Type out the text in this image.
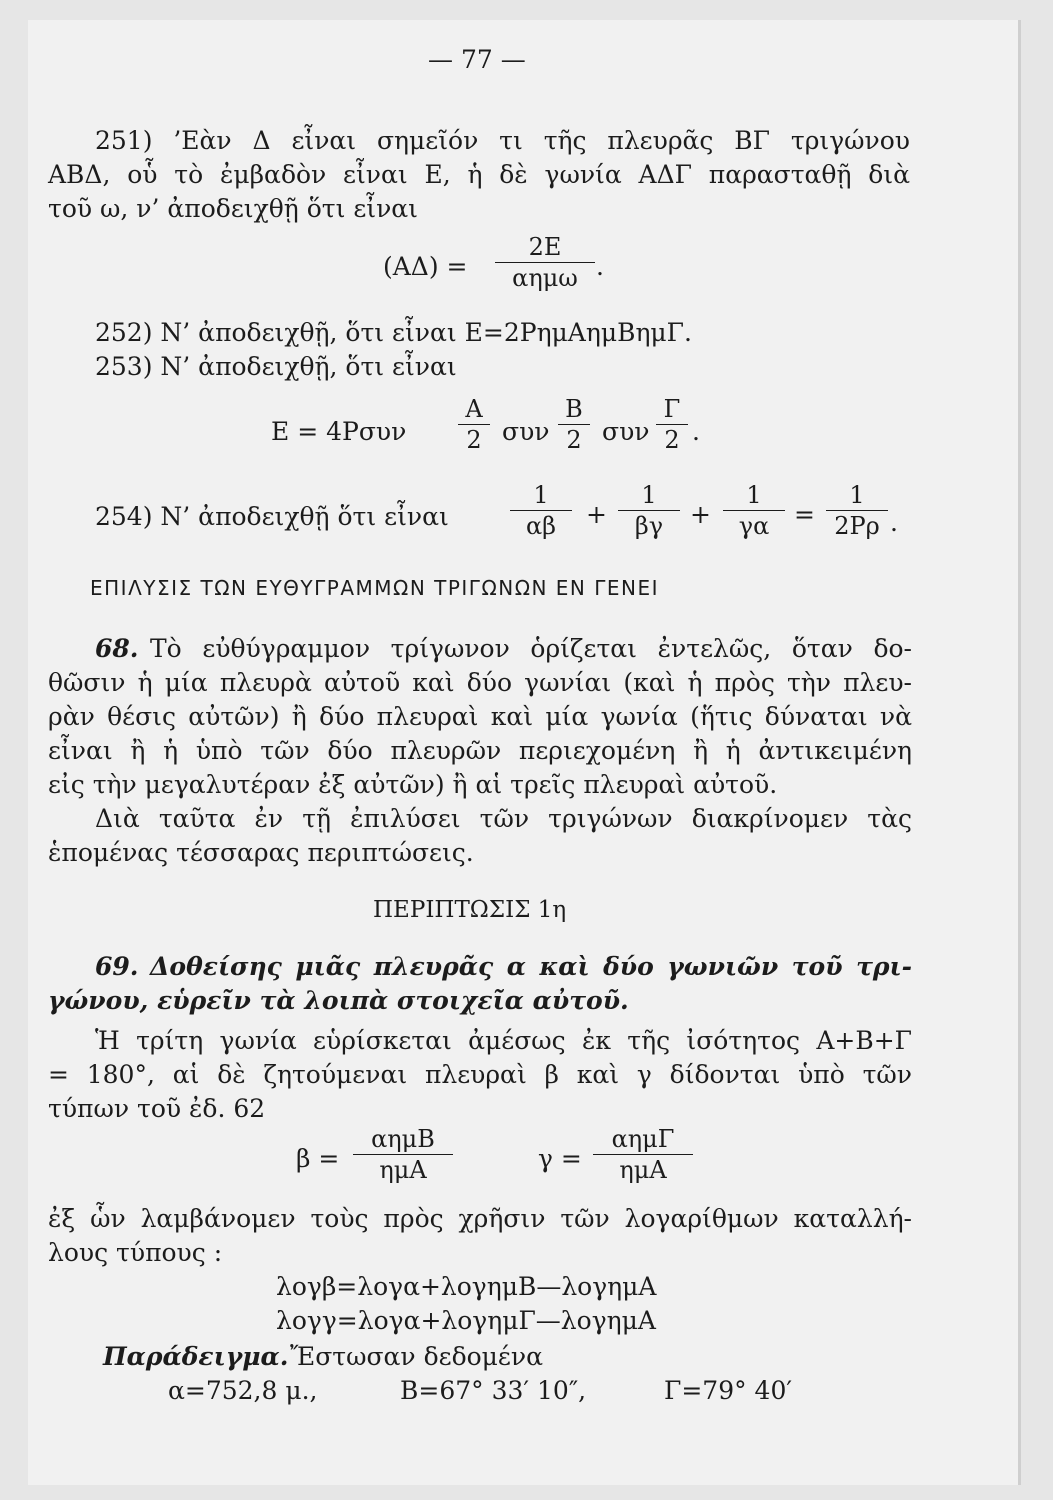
— 77 —
251) ’Εὰν Δ εἶναι σημεῖόν τι τῆς πλευρᾶς ΒΓ τριγώνου
ΑΒΔ, οὗ τὸ ἐμβαδὸν εἶναι Ε, ἡ δὲ γωνία ΑΔΓ παρασταθῇ διὰ
τοῦ ω, ν’ ἀποδειχθῇ ὅτι εἶναι
(ΑΔ) =
2Ε
αημω .
252) Ν’ ἀποδειχθῇ, ὅτι εἶναι Ε=2ΡημΑημΒημΓ.
253) Ν’ ἀποδειχθῇ, ὅτι εἶναι
$E = 4P\sigma\upsilon\nu \frac{A}{2}$ συν $\frac{B}{2}$ συν $\frac{\Gamma}{2}$ .
254) Ν’ ἀποδειχθῇ ὅτι εἶναι	$\frac{1}{\alpha\beta} + \frac{1}{\beta\gamma} + \frac{1}{\gamma\alpha} = \frac{1}{2P\rho}$ .
ΕΠΙΛΥΣΙΣ ΤΩΝ ΕΥΘΥΓΡΑΜΜΩΝ ΤΡΙΓΩΝΩΝ ΕΝ ΓΕΝΕΙ
68. Τὸ εὐθύγραμμον τρίγωνον ὁρίζεται ἐντελῶς, ὅταν δο-
θῶσιν ἡ μία πλευρὰ αὐτοῦ καὶ δύο γωνίαι (καὶ ἡ πρὸς τὴν πλευ-
ρὰν θέσις αὐτῶν) ἢ δύο πλευραὶ καὶ μία γωνία (ἥτις δύναται νὰ
εἶναι ἢ ἡ ὑπὸ τῶν δύο πλευρῶν περιεχομένη ἢ ἡ ἀντικειμένη
εἰς τὴν μεγαλυτέραν ἐξ αὐτῶν) ἢ αἱ τρεῖς πλευραὶ αὐτοῦ.
Διὰ ταῦτα ἐν τῇ ἐπιλύσει τῶν τριγώνων διακρίνομεν τὰς
ἑπομένας τέσσαρας περιπτώσεις.
ΠΕΡΙΠΤΩΣΙΣ 1η
69. Δοθείσης μιᾶς πλευρᾶς α καὶ δύο γωνιῶν τοῦ τρι-
γώνου, εὑρεῖν τὰ λοιπὰ στοιχεῖα αὐτοῦ.
Ἡ τρίτη γωνία εὑρίσκεται ἀμέσως ἐκ τῆς ἰσότητος Α+Β+Γ
= 180°, αἱ δὲ ζητούμεναι πλευραὶ β καὶ γ δίδονται ὑπὸ τῶν
τύπων τοῦ ἐδ. 62
β =
αημΒ
ημΑ	γ =
αημΓ
ημΑ
ἐξ ὧν λαμβάνομεν τοὺς πρὸς χρῆσιν τῶν λογαρίθμων καταλλή-
λους τύπους :
λογβ=λογα+λογημΒ—λογημΑ
λογγ=λογα+λογημΓ—λογημΑ
Παράδειγμα. Ἔστωσαν δεδομένα
α=752,8 μ.,	Β=67° 33′ 10″,	Γ=79° 40′
